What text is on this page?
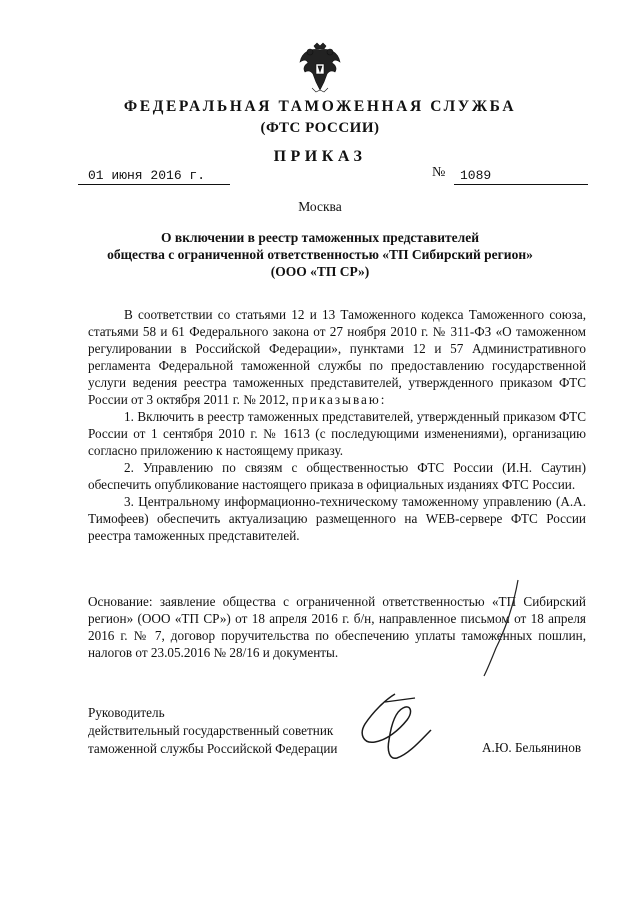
ФЕДЕРАЛЬНАЯ ТАМОЖЕННАЯ СЛУЖБА
(ФТС РОССИИ)
ПРИКАЗ
01 июня 2016 г.	№ 1089
Москва
О включении в реестр таможенных представителей
общества с ограниченной ответственностью «ТП Сибирский регион»
(ООО «ТП СР»)

В соответствии со статьями 12 и 13 Таможенного кодекса Таможенного союза, статьями 58 и 61 Федерального закона от 27 ноября 2010 г. № 311-ФЗ «О таможенном регулировании в Российской Федерации», пунктами 12 и 57 Административного регламента Федеральной таможенной службы по предоставлению государственной услуги ведения реестра таможенных представителей, утвержденного приказом ФТС России от 3 октября 2011 г. № 2012, приказываю:

1. Включить в реестр таможенных представителей, утвержденный приказом ФТС России от 1 сентября 2010 г. № 1613 (с последующими изменениями), организацию согласно приложению к настоящему приказу.

2. Управлению по связям с общественностью ФТС России (И.Н. Саутин) обеспечить опубликование настоящего приказа в официальных изданиях ФТС России.

3. Центральному информационно-техническому таможенному управлению (А.А. Тимофеев) обеспечить актуализацию размещенного на WEB-сервере ФТС России реестра таможенных представителей.

Основание: заявление общества с ограниченной ответственностью «ТП Сибирский регион» (ООО «ТП СР») от 18 апреля 2016 г. б/н, направленное письмом от 18 апреля 2016 г. № 7, договор поручительства по обеспечению уплаты таможенных пошлин, налогов от 23.05.2016 № 28/16 и документы.
Руководитель
действительный государственный советник
таможенной службы Российской Федерации	А.Ю. Бельянинов
